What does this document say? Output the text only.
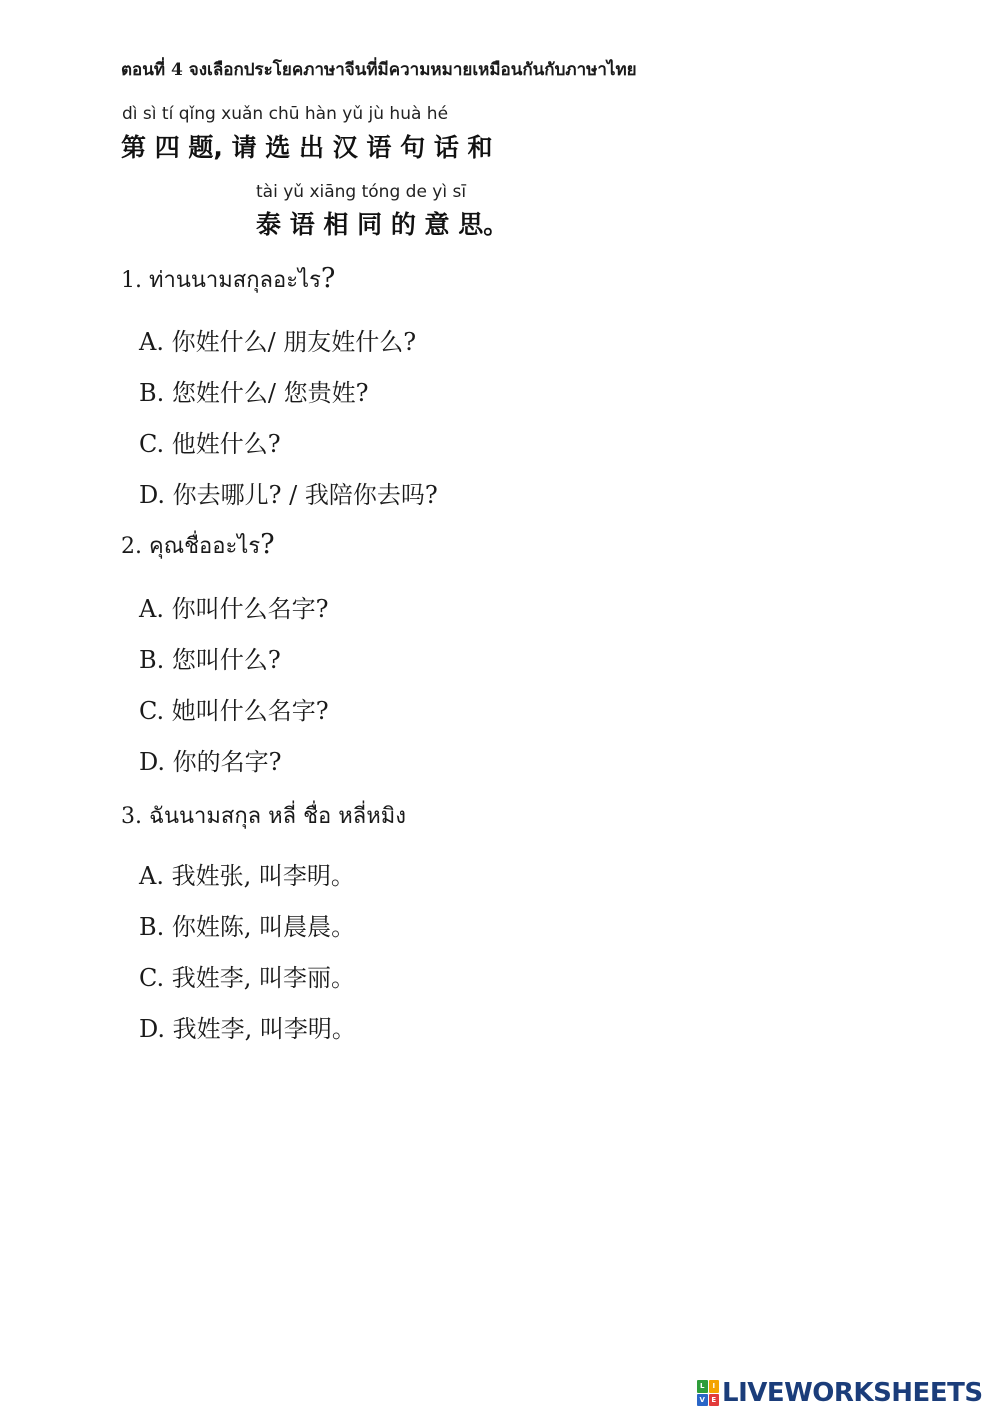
ตอนที่ 4 จงเลือกประโยคภาษาจีนที่มีความหมายเหมือนกันกับภาษาไทย
dì sì tí qǐng xuǎn chū hàn yǔ jù huà hé
第 四 题, 请 选 出 汉 语 句 话 和
tài yǔ xiāng tóng de yì sī
泰 语 相 同 的 意 思。
1. ท่านนามสกุลอะไร?
A. 你姓什么/ 朋友姓什么?
B. 您姓什么/ 您贵姓?
C. 他姓什么?
D. 你去哪儿? / 我陪你去吗?
2. คุณชื่ออะไร?
A. 你叫什么名字?
B. 您叫什么?
C. 她叫什么名字?
D. 你的名字?
3. ฉันนามสกุล หลี่ ชื่อ หลี่หมิง
A. 我姓张, 叫李明。
B. 你姓陈, 叫晨晨。
C. 我姓李, 叫李丽。
D. 我姓李, 叫李明。
L	I
V E LIVEWORKSHEETS
